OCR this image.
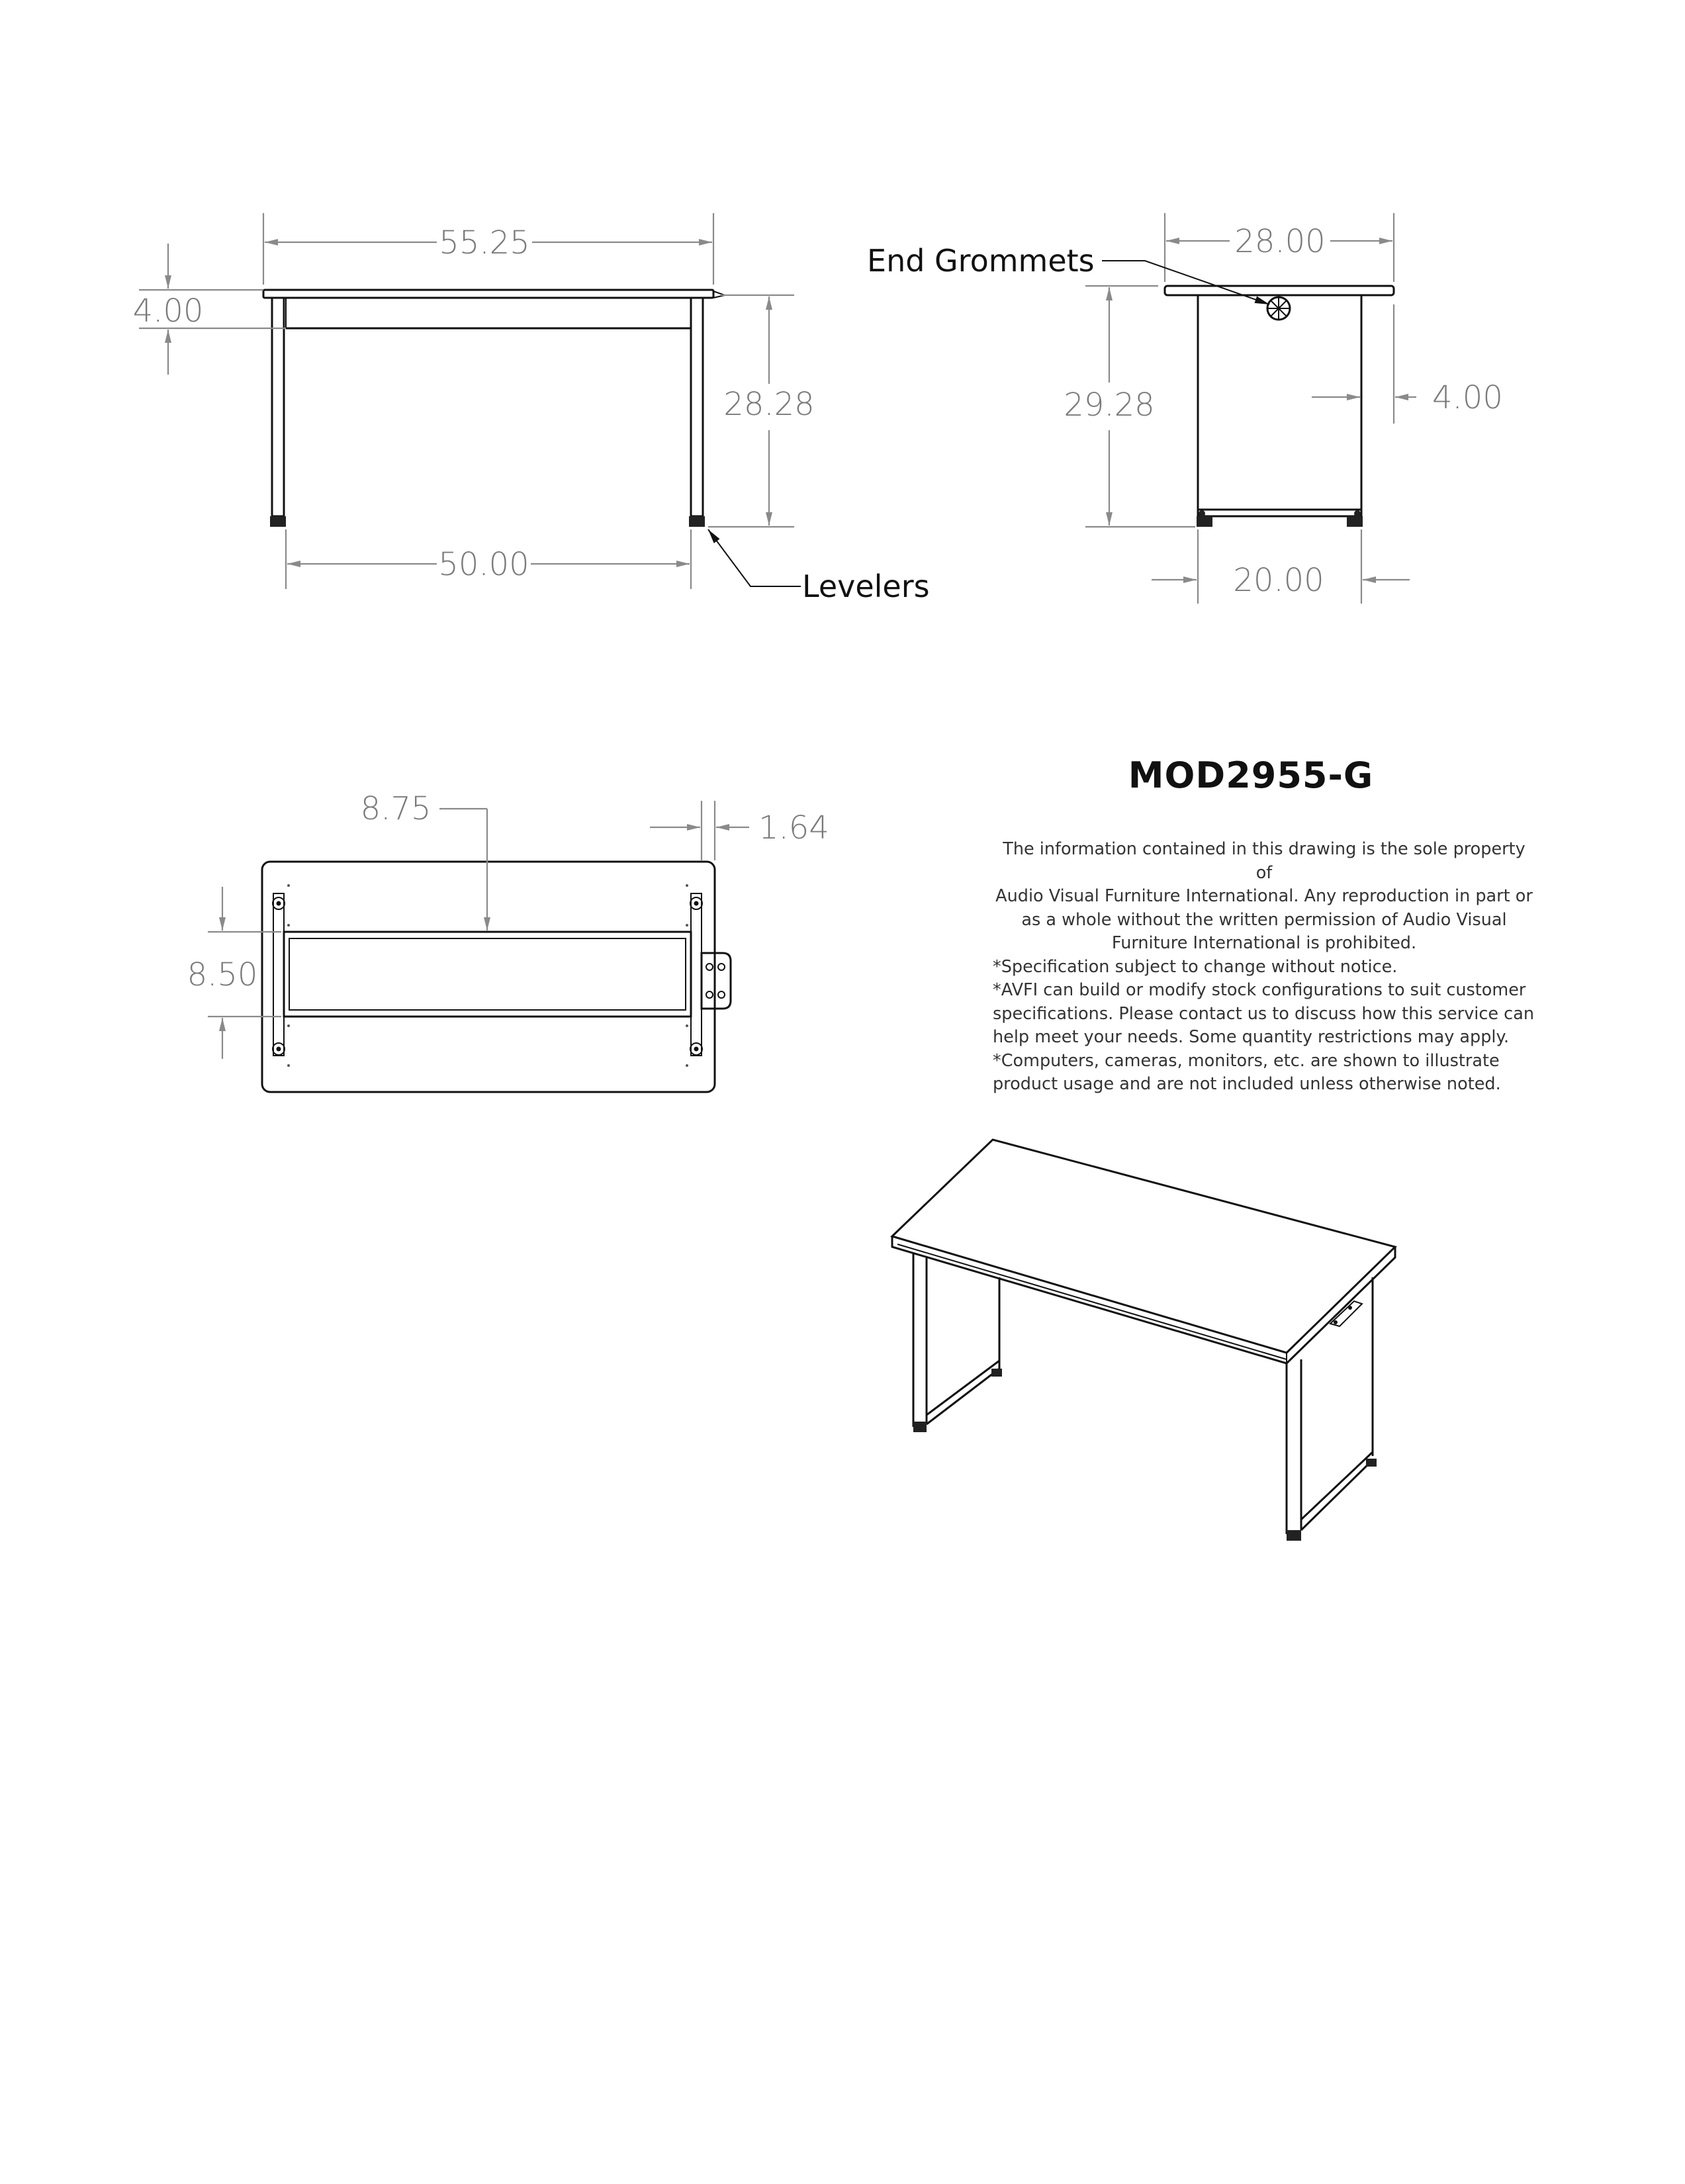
55.25
4.00
28.28
50.00
Levelers
28.00
29.28	4.00
20.00
End Grommets
8.75
1.64
8.50
MOD2955-G

The information contained in this drawing is the sole property of

Audio Visual Furniture International. Any reproduction in part or

as a whole without the written permission of Audio Visual

Furniture International is prohibited.

*Specification subject to change without notice.

*AVFI can build or modify stock configurations to suit customer

specifications. Please contact us to discuss how this service can

help meet your needs. Some quantity restrictions may apply.

*Computers, cameras, monitors, etc. are shown to illustrate

product usage and are not included unless otherwise noted.
